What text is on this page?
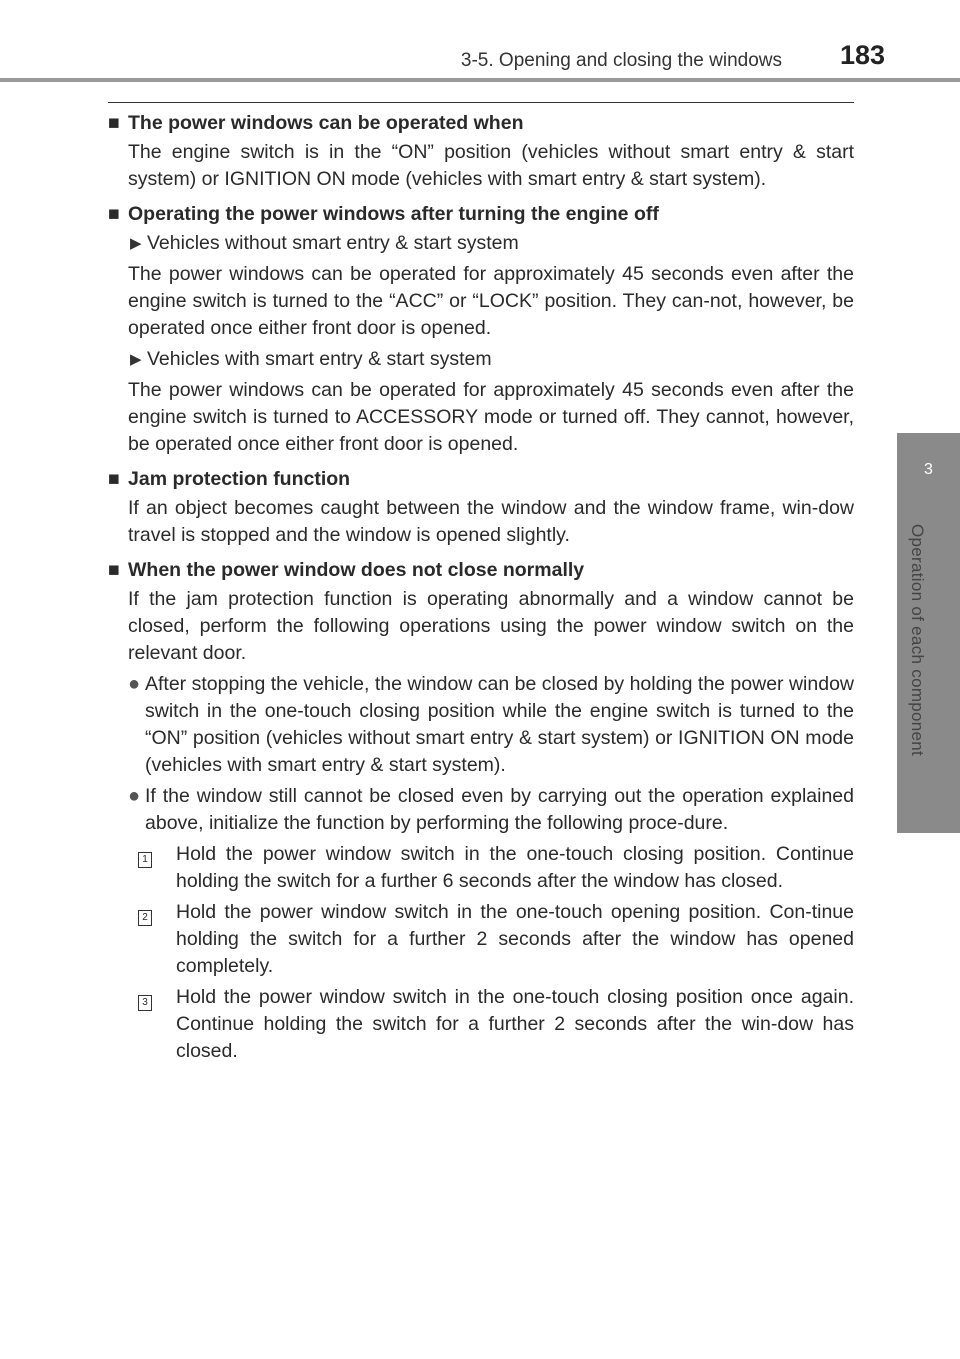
3-5. Opening and closing the windows 183
3
Operation of each component
■ The power windows can be operated when
The engine switch is in the “ON” position (vehicles without smart entry & start system) or IGNITION ON mode (vehicles with smart entry & start system).
■ Operating the power windows after turning the engine off
▶ Vehicles without smart entry & start system
The power windows can be operated for approximately 45 seconds even after the engine switch is turned to the “ACC” or “LOCK” position. They can-not, however, be operated once either front door is opened.
▶ Vehicles with smart entry & start system
The power windows can be operated for approximately 45 seconds even after the engine switch is turned to ACCESSORY mode or turned off. They cannot, however, be operated once either front door is opened.
■ Jam protection function
If an object becomes caught between the window and the window frame, win-dow travel is stopped and the window is opened slightly.
■ When the power window does not close normally
If the jam protection function is operating abnormally and a window cannot be closed, perform the following operations using the power window switch on the relevant door.
● After stopping the vehicle, the window can be closed by holding the power window switch in the one-touch closing position while the engine switch is turned to the “ON” position (vehicles without smart entry & start system) or IGNITION ON mode (vehicles with smart entry & start system).
● If the window still cannot be closed even by carrying out the operation explained above, initialize the function by performing the following proce-dure.
1	Hold the power window switch in the one-touch closing position. Continue holding the switch for a further 6 seconds after the window has closed.
2	Hold the power window switch in the one-touch opening position. Con-tinue holding the switch for a further 2 seconds after the window has opened completely.
3	Hold the power window switch in the one-touch closing position once again. Continue holding the switch for a further 2 seconds after the win-dow has closed.
